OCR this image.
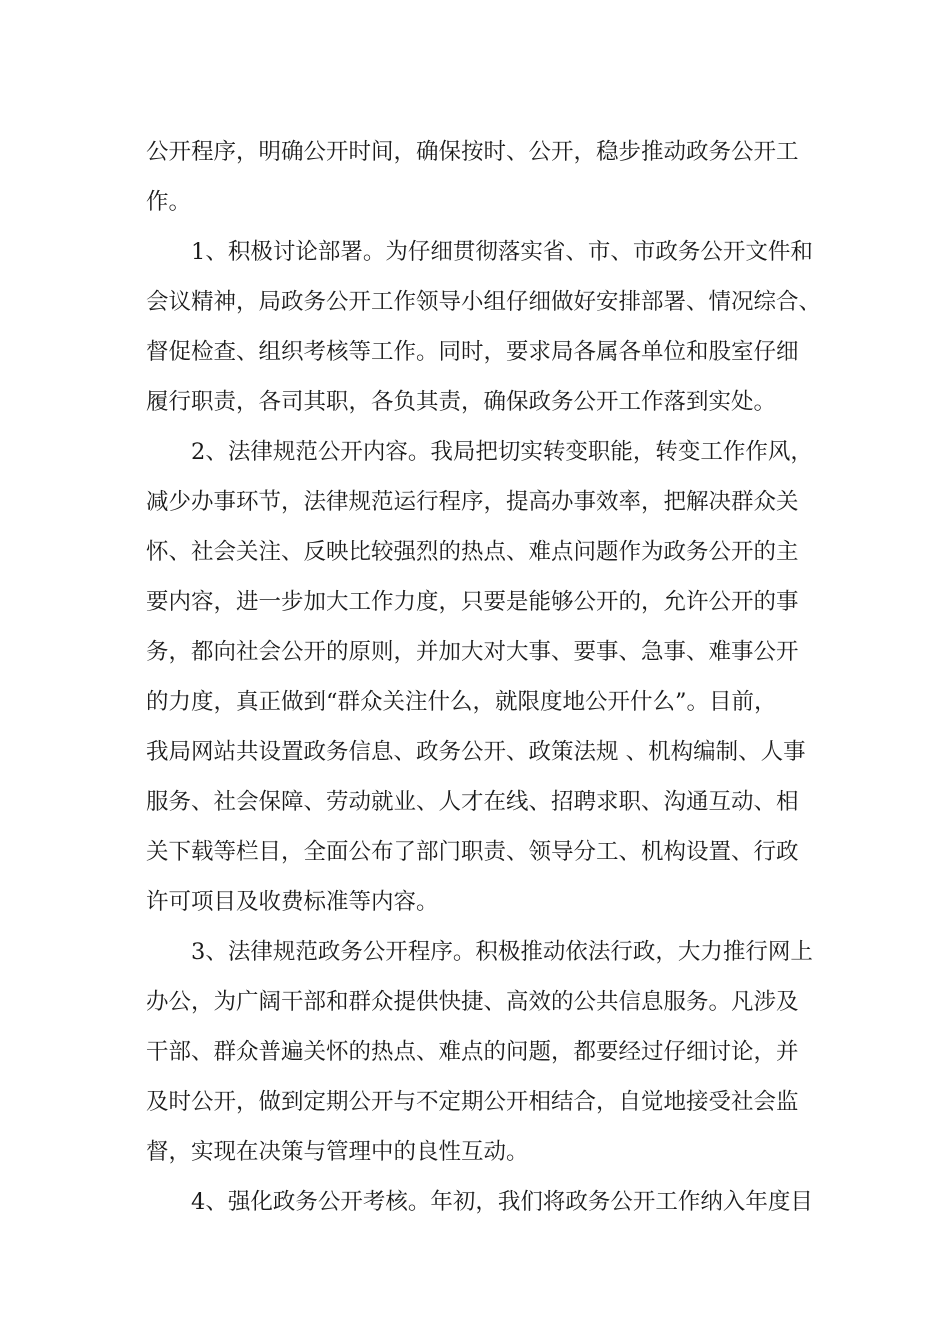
公开程序，明确公开时间，确保按时、公开，稳步推动政务公开工
作。
1、积极讨论部署。为仔细贯彻落实省、市、市政务公开文件和
会议精神，局政务公开工作领导小组仔细做好安排部署、情况综合、
督促检查、组织考核等工作。同时，要求局各属各单位和股室仔细
履行职责，各司其职，各负其责，确保政务公开工作落到实处。
2、法律规范公开内容。我局把切实转变职能，转变工作作风，
减少办事环节，法律规范运行程序，提高办事效率，把解决群众关
怀、社会关注、反映比较强烈的热点、难点问题作为政务公开的主
要内容，进一步加大工作力度，只要是能够公开的，允许公开的事
务，都向社会公开的原则，并加大对大事、要事、急事、难事公开
的力度，真正做到“群众关注什么，就限度地公开什么”。目前，
我局网站共设置政务信息、政务公开、政策法规 、机构编制、人事
服务、社会保障、劳动就业、人才在线、招聘求职、沟通互动、相
关下载等栏目，全面公布了部门职责、领导分工、机构设置、行政
许可项目及收费标准等内容。
3、法律规范政务公开程序。积极推动依法行政，大力推行网上
办公，为广阔干部和群众提供快捷、高效的公共信息服务。凡涉及
干部、群众普遍关怀的热点、难点的问题，都要经过仔细讨论，并
及时公开，做到定期公开与不定期公开相结合，自觉地接受社会监
督，实现在决策与管理中的良性互动。
4、强化政务公开考核。年初，我们将政务公开工作纳入年度目
